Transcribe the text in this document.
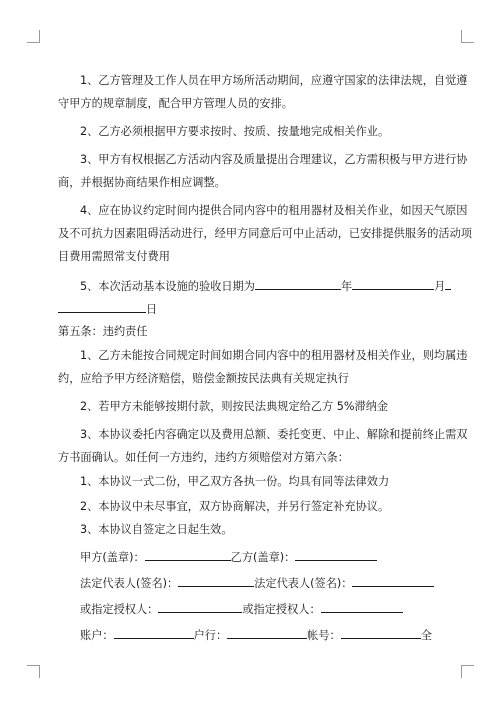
1、乙方管理及工作人员在甲方场所活动期间，应遵守国家的法律法规，自觉遵
守甲方的规章制度，配合甲方管理人员的安排。
2、乙方必须根据甲方要求按时、按质、按量地完成相关作业。
3、甲方有权根据乙方活动内容及质量提出合理建议，乙方需积极与甲方进行协
商，并根据协商结果作相应调整。
4、应在协议约定时间内提供合同内容中的租用器材及相关作业，如因天气原因
及不可抗力因素阻碍活动进行，经甲方同意后可中止活动，已安排提供服务的活动项
目费用需照常支付费用
5、本次活动基本设施的验收日期为	年	月
日
第五条：违约责任
1、乙方未能按合同规定时间如期合同内容中的租用器材及相关作业，则均属违
约，应给予甲方经济赔偿，赔偿金额按民法典有关规定执行
2、若甲方未能够按期付款，则按民法典规定给乙方 5%滞纳金
3、本协议委托内容确定以及费用总额、委托变更、中止、解除和提前终止需双
方书面确认。如任何一方违约，违约方须赔偿对方第六条：
1、本协议一式二份，甲乙双方各执一份。均具有同等法律效力
2、本协议中未尽事宜，双方协商解决，并另行签定补充协议。
3、本协议自签定之日起生效。
甲方(盖章)：	乙方(盖章)：
法定代表人(签名)：	法定代表人(签名)：
或指定授权人：	或指定授权人：
账户：	户行：	帐号：	全
